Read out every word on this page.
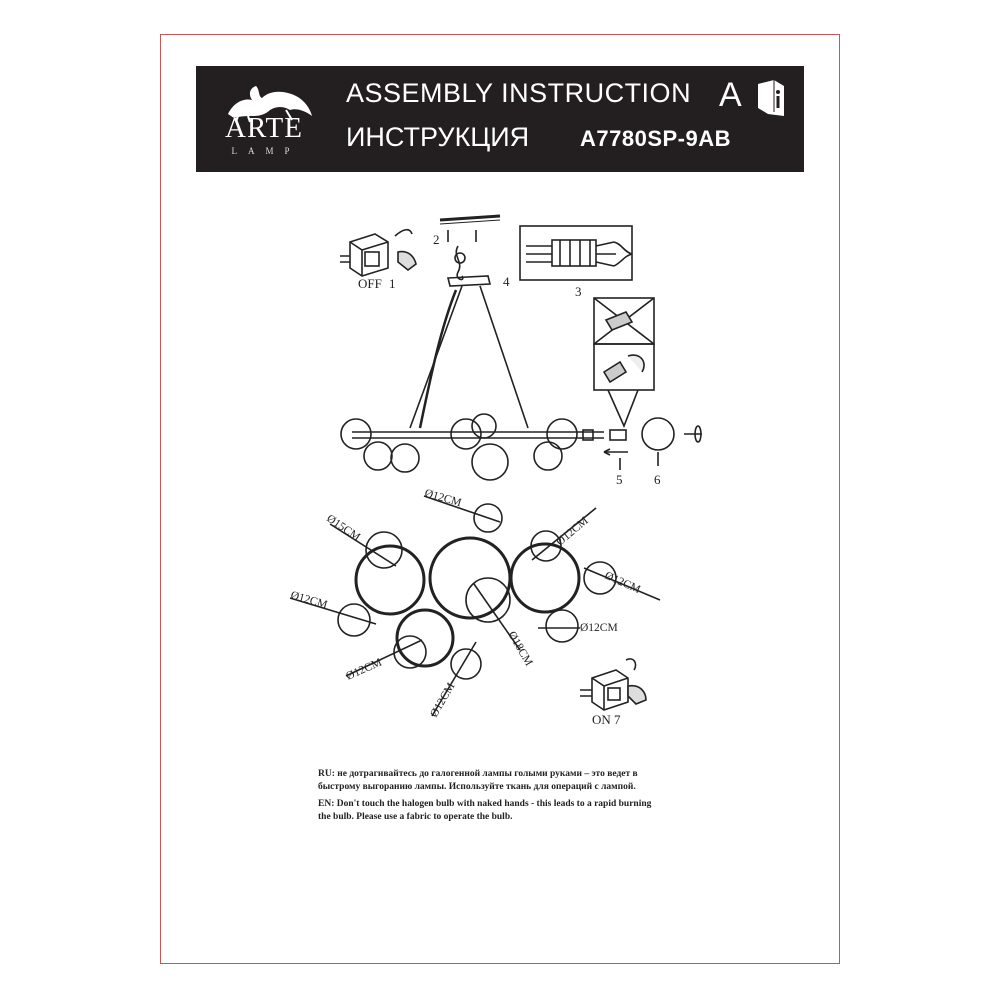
ARTE
LAMP
ASSEMBLY INSTRUCTION
ИНСТРУКЦИЯ A7780SP-9AB
A
OFF 1
2
4
3
5 6
Ø12CM
Ø15CM	Ø12CM
Ø12CM
Ø12CM
Ø12CM
Ø18CM
Ø12CM
Ø12CM	ON 7
RU: не дотрагивайтесь до галогенной лампы голыми руками – это ведет в быстрому выгоранию лампы. Используйте ткань для операций с лампой.
EN: Don't touch the halogen bulb with naked hands - this leads to a rapid burning the bulb. Please use a fabric to operate the bulb.
